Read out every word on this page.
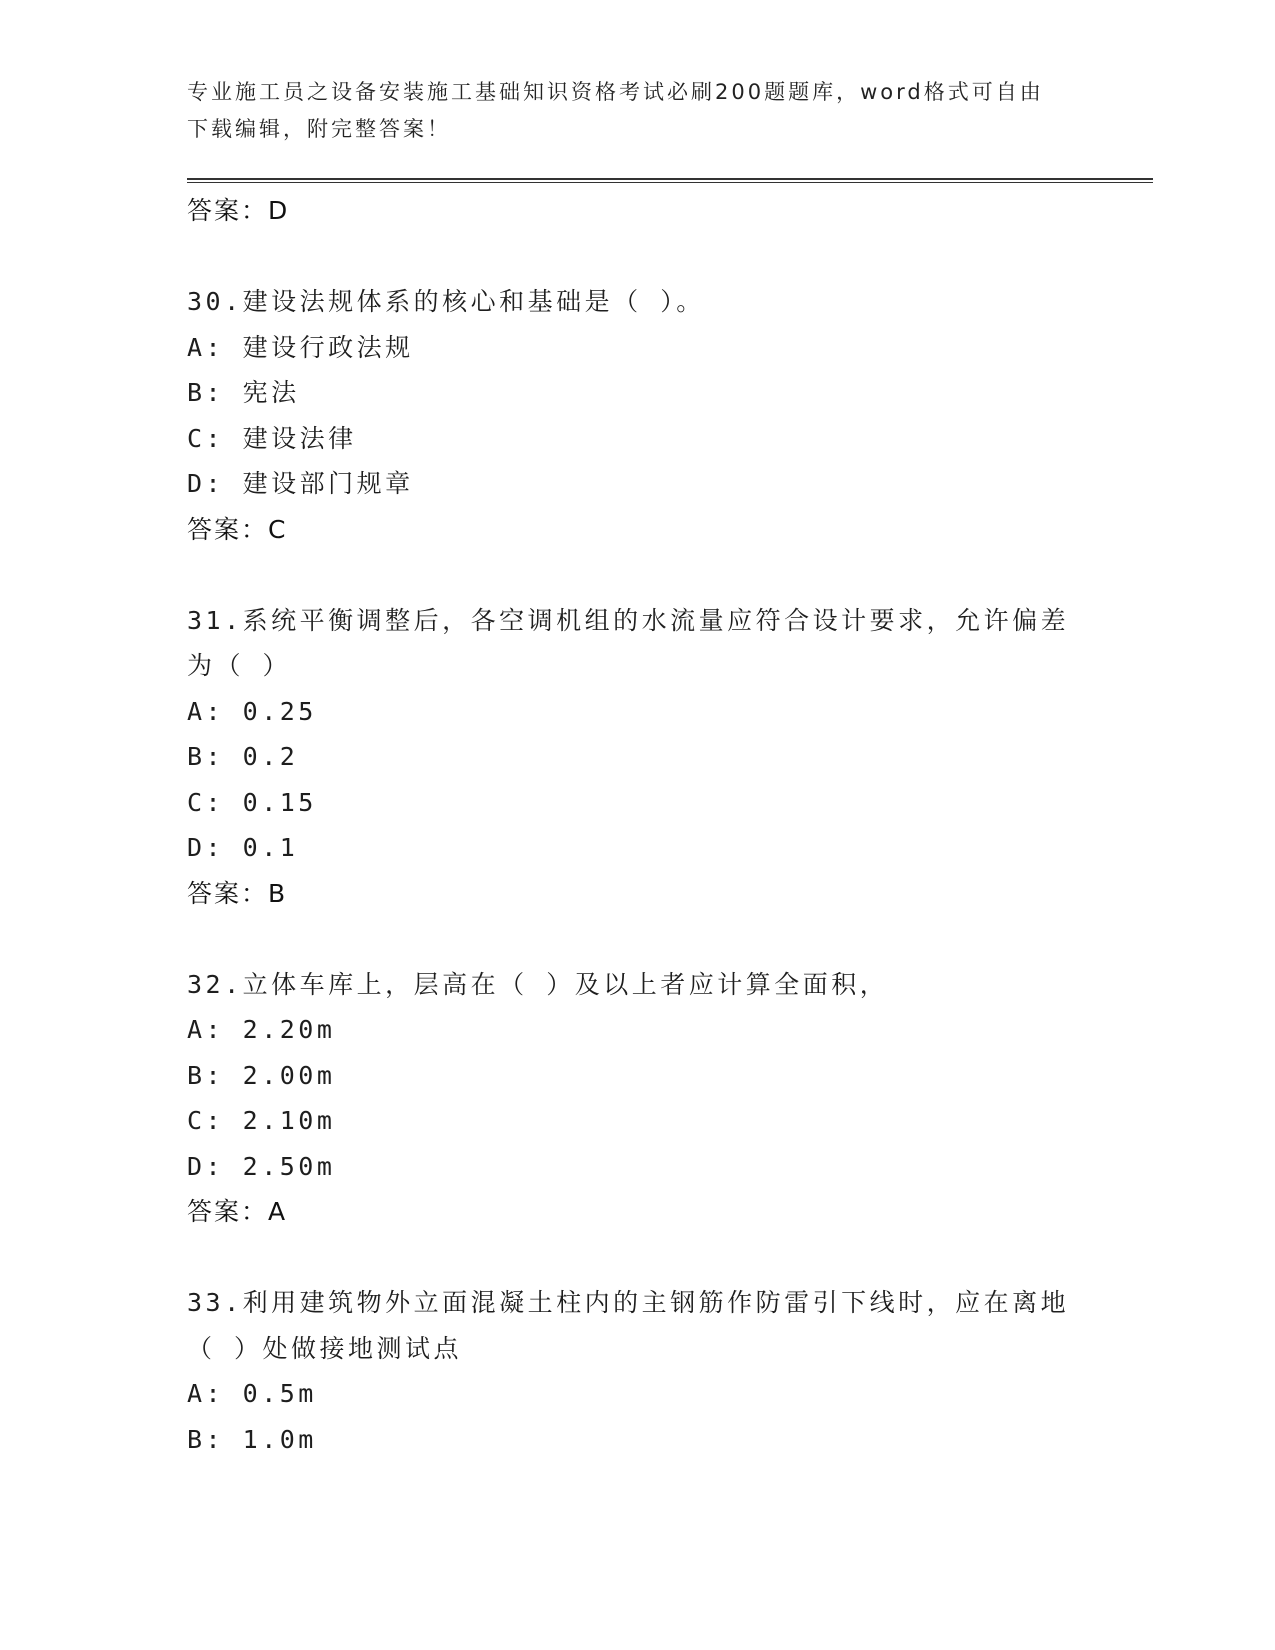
专业施工员之设备安装施工基础知识资格考试必刷200题题库，word格式可自由下载编辑，附完整答案！
答案：D
30.建设法规体系的核心和基础是（ ）。
A: 建设行政法规
B: 宪法
C: 建设法律
D: 建设部门规章
答案：C
31.系统平衡调整后，各空调机组的水流量应符合设计要求，允许偏差
为（ ）
A: 0.25
B: 0.2
C: 0.15
D: 0.1
答案：B
32.立体车库上，层高在（ ）及以上者应计算全面积，
A: 2.20m
B: 2.00m
C: 2.10m
D: 2.50m
答案：A
33.利用建筑物外立面混凝土柱内的主钢筋作防雷引下线时，应在离地
（ ）处做接地测试点
A: 0.5m
B: 1.0m
